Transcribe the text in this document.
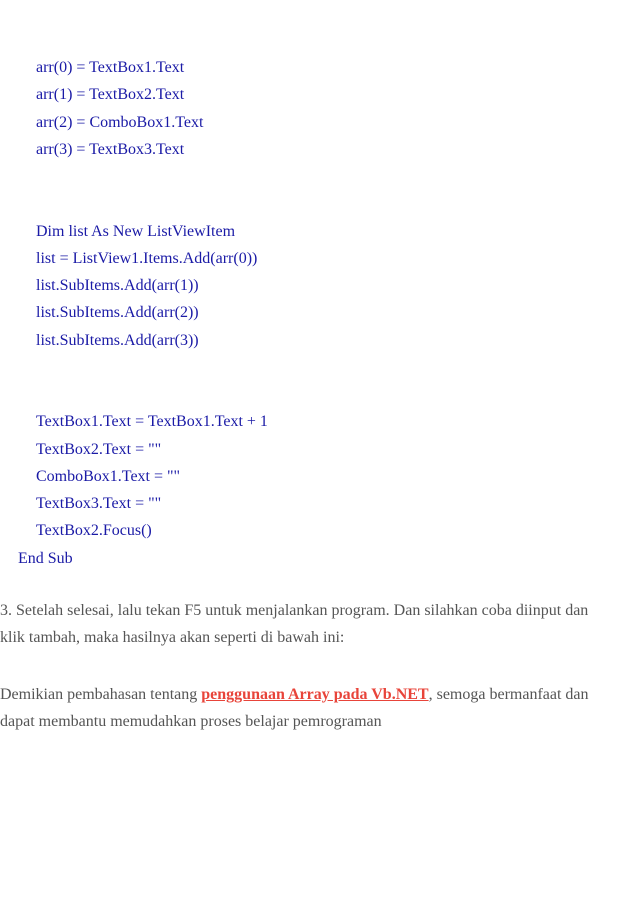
arr(0) = TextBox1.Text
arr(1) = TextBox2.Text
arr(2) = ComboBox1.Text
arr(3) = TextBox3.Text
Dim list As New ListViewItem
list = ListView1.Items.Add(arr(0))
list.SubItems.Add(arr(1))
list.SubItems.Add(arr(2))
list.SubItems.Add(arr(3))
TextBox1.Text = TextBox1.Text + 1
TextBox2.Text = ""
ComboBox1.Text = ""
TextBox3.Text = ""
TextBox2.Focus()
End Sub
3. Setelah selesai, lalu tekan F5 untuk menjalankan program. Dan silahkan coba diinput dan
klik tambah, maka hasilnya akan seperti di bawah ini:
Demikian pembahasan tentang penggunaan Array pada Vb.NET, semoga bermanfaat dan
dapat membantu memudahkan proses belajar pemrograman
